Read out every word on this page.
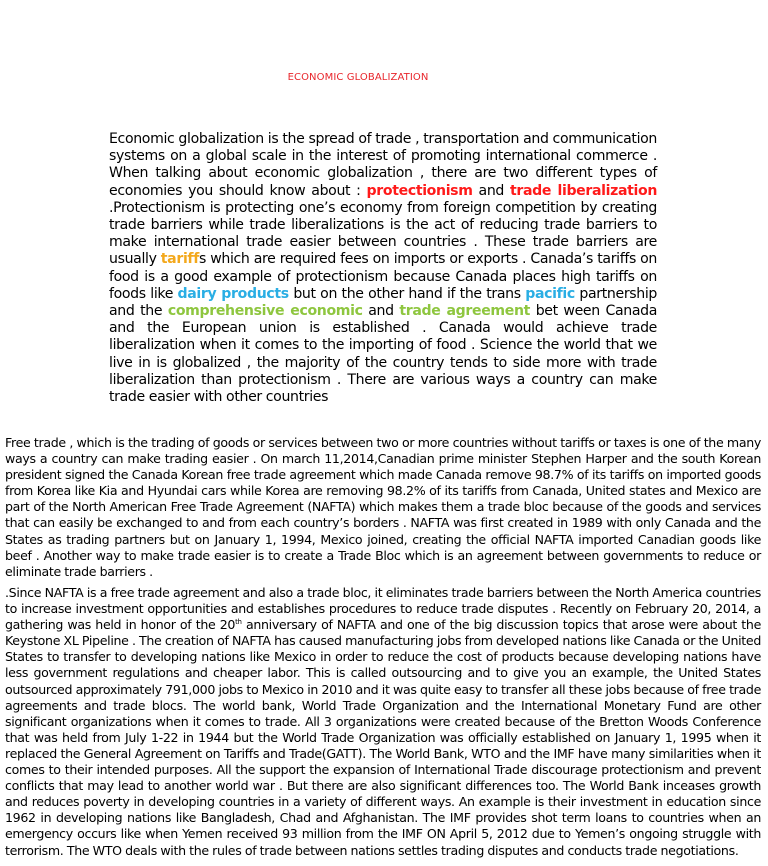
ECONOMIC GLOBALIZATION
Economic globalization is the spread of trade , transportation and communication systems on a global scale in the interest of promoting international commerce . When talking about economic globalization , there are two different types of economies you should know about : protectionism and trade liberalization .Protectionism is protecting one’s economy from foreign competition by creating trade barriers while trade liberalizations is the act of reducing trade barriers to make international trade easier between countries . These trade barriers are usually tariffs which are required fees on imports or exports . Canada’s tariffs on food is a good example of protectionism because Canada places high tariffs on foods like dairy products but on the other hand if the trans pacific partnership and the comprehensive economic and trade agreement bet ween Canada and the European union is established . Canada would achieve trade liberalization when it comes to the importing of food . Science the world that we live in is globalized , the majority of the country tends to side more with trade liberalization than protectionism . There are various ways a country can make trade easier with other countries
Free trade , which is the trading of goods or services between two or more countries without tariffs or taxes is one of the many ways a country can make trading easier . On march 11,2014,Canadian prime minister Stephen Harper and the south Korean president signed the Canada Korean free trade agreement which made Canada remove 98.7% of its tariffs on imported goods from Korea like Kia and Hyundai cars while Korea are removing 98.2% of its tariffs from Canada, United states and Mexico are part of the North American Free Trade Agreement (NAFTA) which makes them a trade bloc because of the goods and services that can easily be exchanged to and from each country’s borders . NAFTA was first created in 1989 with only Canada and the States as trading partners but on January 1, 1994, Mexico joined, creating the official NAFTA imported Canadian goods like beef . Another way to make trade easier is to create a Trade Bloc which is an agreement between governments to reduce or eliminate trade barriers .
.Since NAFTA is a free trade agreement and also a trade bloc, it eliminates trade barriers between the North America countries to increase investment opportunities and establishes procedures to reduce trade disputes . Recently on February 20, 2014, a gathering was held in honor of the 20th anniversary of NAFTA and one of the big discussion topics that arose were about the Keystone XL Pipeline . The creation of NAFTA has caused manufacturing jobs from developed nations like Canada or the United States to transfer to developing nations like Mexico in order to reduce the cost of products because developing nations have less government regulations and cheaper labor. This is called outsourcing and to give you an example, the United States outsourced approximately 791,000 jobs to Mexico in 2010 and it was quite easy to transfer all these jobs because of free trade agreements and trade blocs. The world bank, World Trade Organization and the International Monetary Fund are other significant organizations when it comes to trade. All 3 organizations were created because of the Bretton Woods Conference that was held from July 1-22 in 1944 but the World Trade Organization was officially established on January 1, 1995 when it replaced the General Agreement on Tariffs and Trade(GATT). The World Bank, WTO and the IMF have many similarities when it comes to their intended purposes. All the support the expansion of International Trade discourage protectionism and prevent conflicts that may lead to another world war . But there are also significant differences too. The World Bank inceases growth and reduces poverty in developing countries in a variety of different ways. An example is their investment in education since 1962 in developing nations like Bangladesh, Chad and Afghanistan. The IMF provides shot term loans to countries when an emergency occurs like when Yemen received 93 million from the IMF ON April 5, 2012 due to Yemen’s ongoing struggle with terrorism. The WTO deals with the rules of trade between nations settles trading disputes and conducts trade negotiations.
